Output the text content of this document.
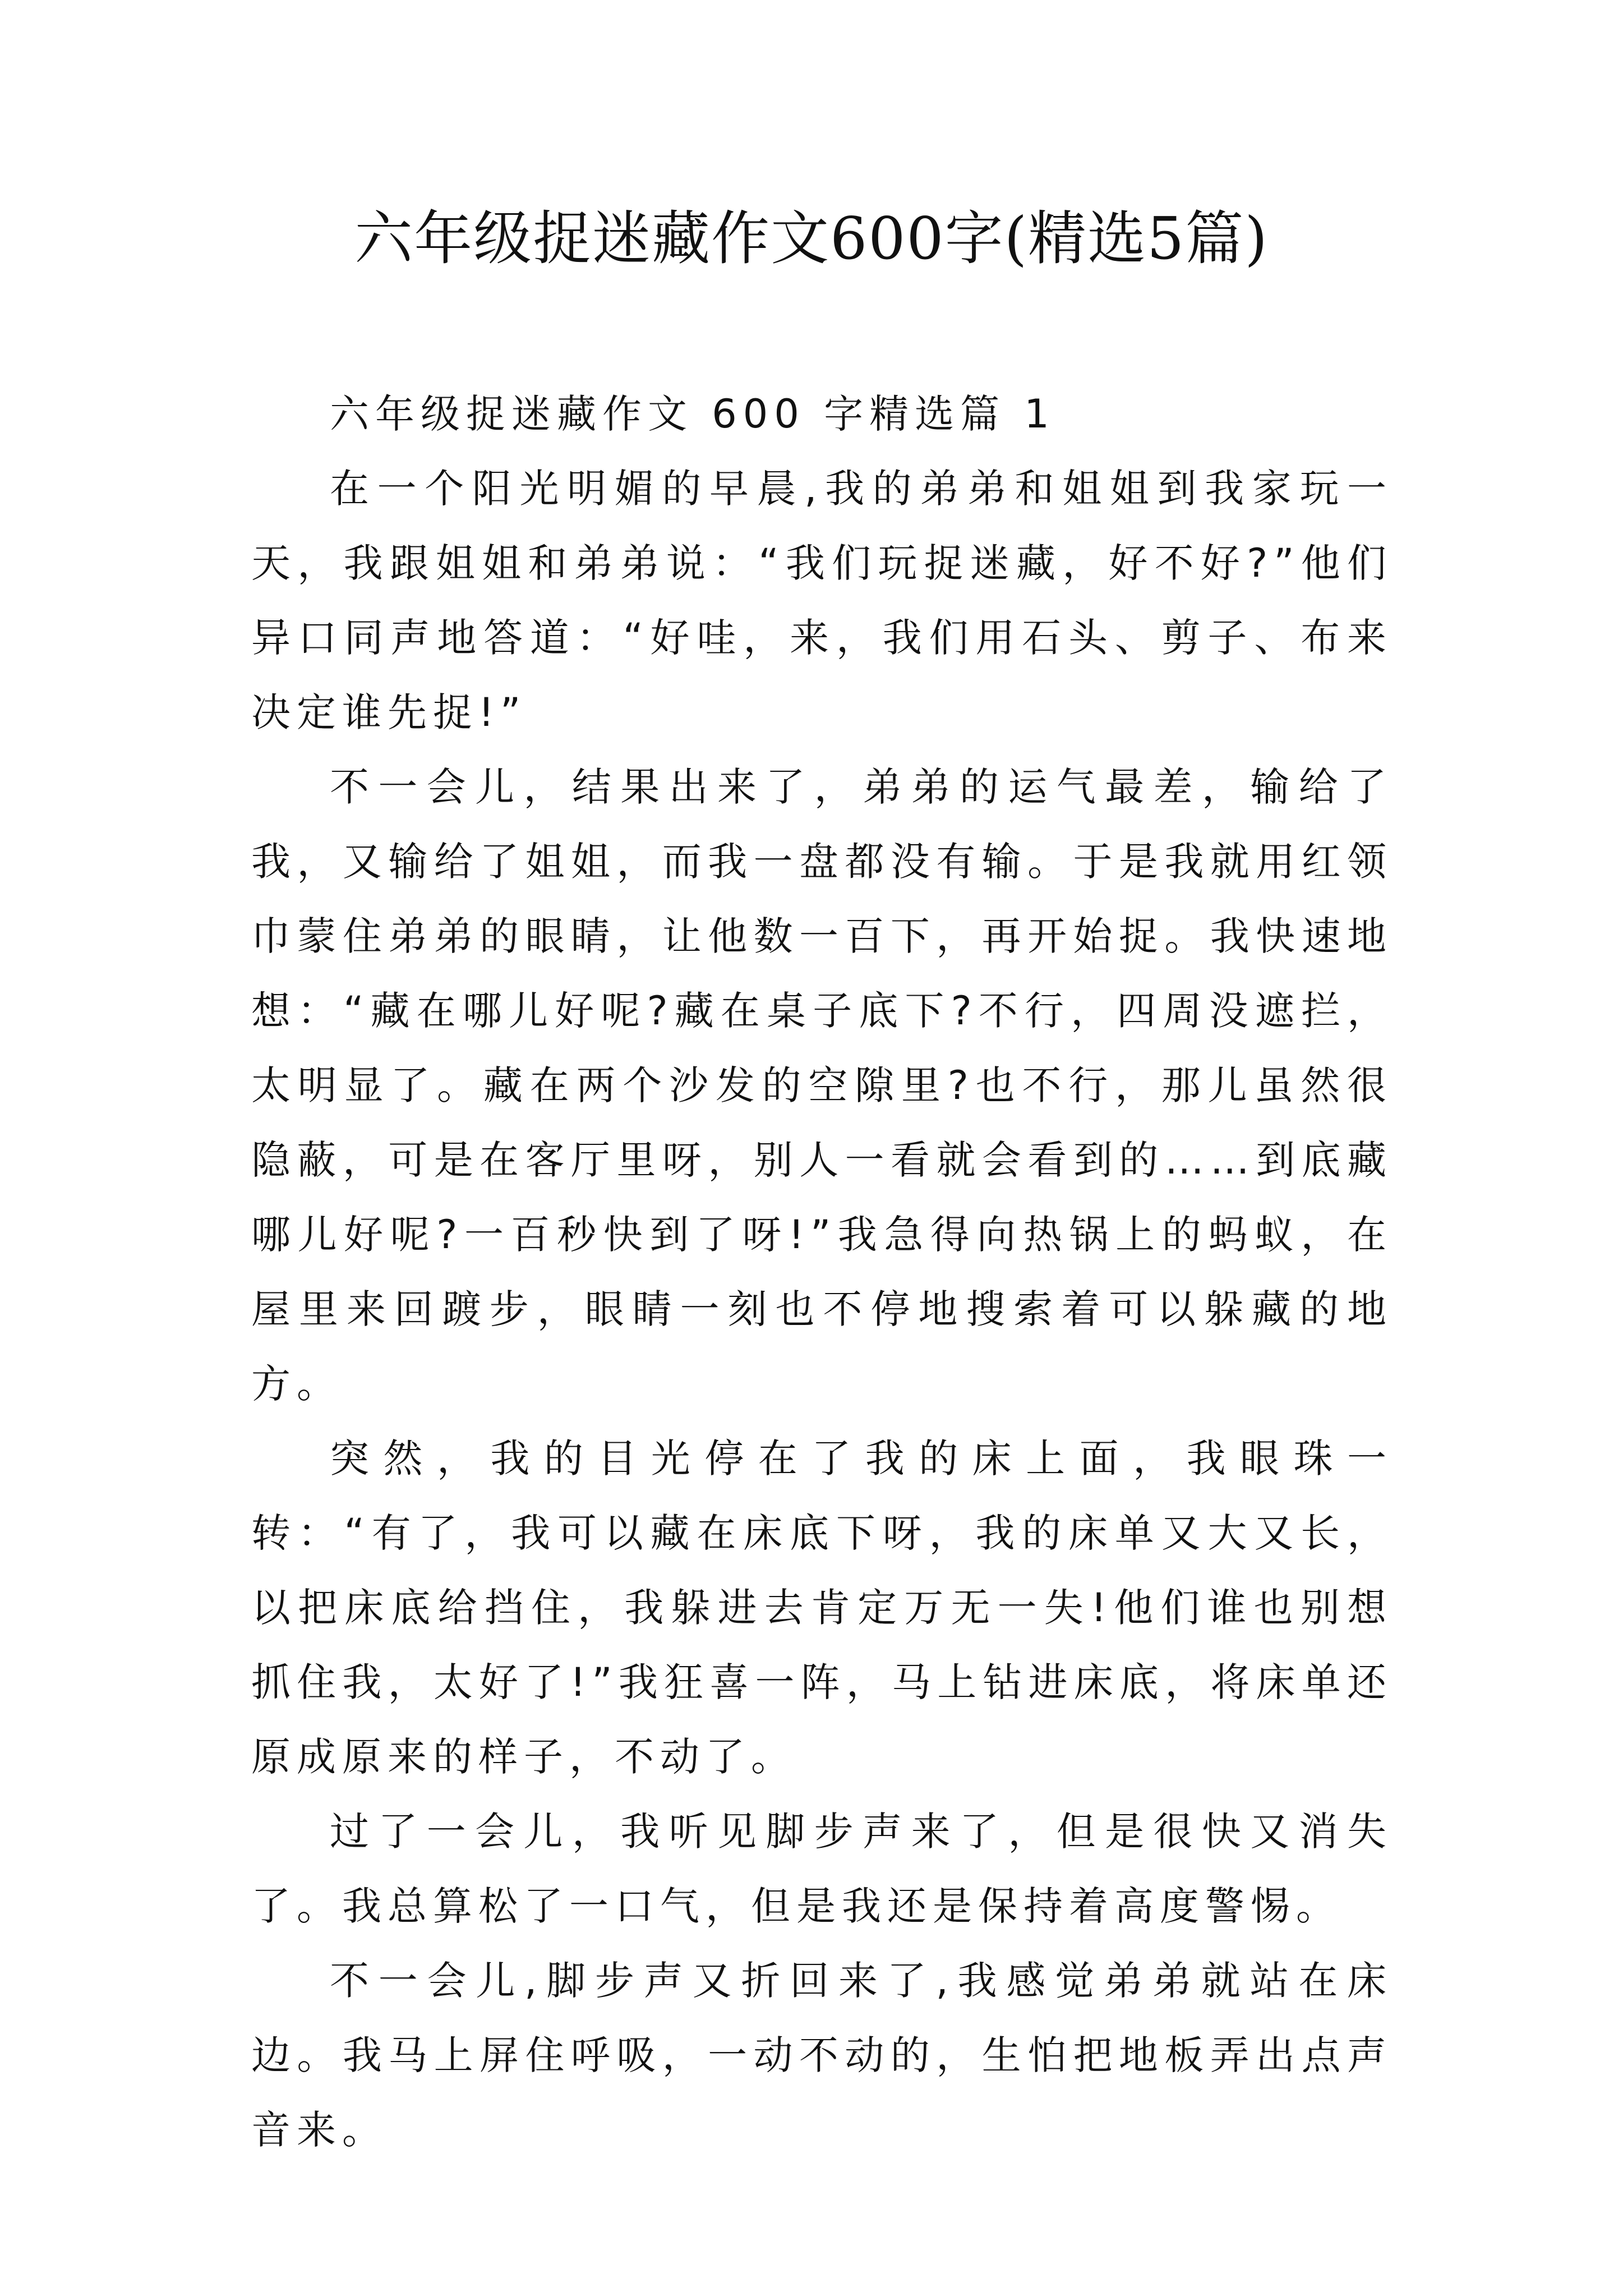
六年级捉迷藏作文600字(精选5篇)

六年级捉迷藏作文 600 字精选篇 1

在一个阳光明媚的早晨,我的弟弟和姐姐到我家玩一天，我跟姐姐和弟弟说：“我们玩捉迷藏，好不好?”他们异口同声地答道：“好哇，来，我们用石头、剪子、布来决定谁先捉!”

不一会儿，结果出来了，弟弟的运气最差，输给了我，又输给了姐姐，而我一盘都没有输。于是我就用红领巾蒙住弟弟的眼睛，让他数一百下，再开始捉。我快速地想：“藏在哪儿好呢?藏在桌子底下?不行，四周没遮拦，太明显了。藏在两个沙发的空隙里?也不行，那儿虽然很隐蔽，可是在客厅里呀，别人一看就会看到的……到底藏哪儿好呢?一百秒快到了呀!”我急得向热锅上的蚂蚁，在屋里来回踱步，眼睛一刻也不停地搜索着可以躲藏的地方。

突然，我的目光停在了我的床上面，我眼珠一转：“有了，我可以藏在床底下呀，我的床单又大又长，以把床底给挡住，我躲进去肯定万无一失!他们谁也别想抓住我，太好了!”我狂喜一阵，马上钻进床底，将床单还原成原来的样子，不动了。

过了一会儿，我听见脚步声来了，但是很快又消失了。我总算松了一口气，但是我还是保持着高度警惕。

不一会儿,脚步声又折回来了,我感觉弟弟就站在床边。我马上屏住呼吸，一动不动的，生怕把地板弄出点声音来。
